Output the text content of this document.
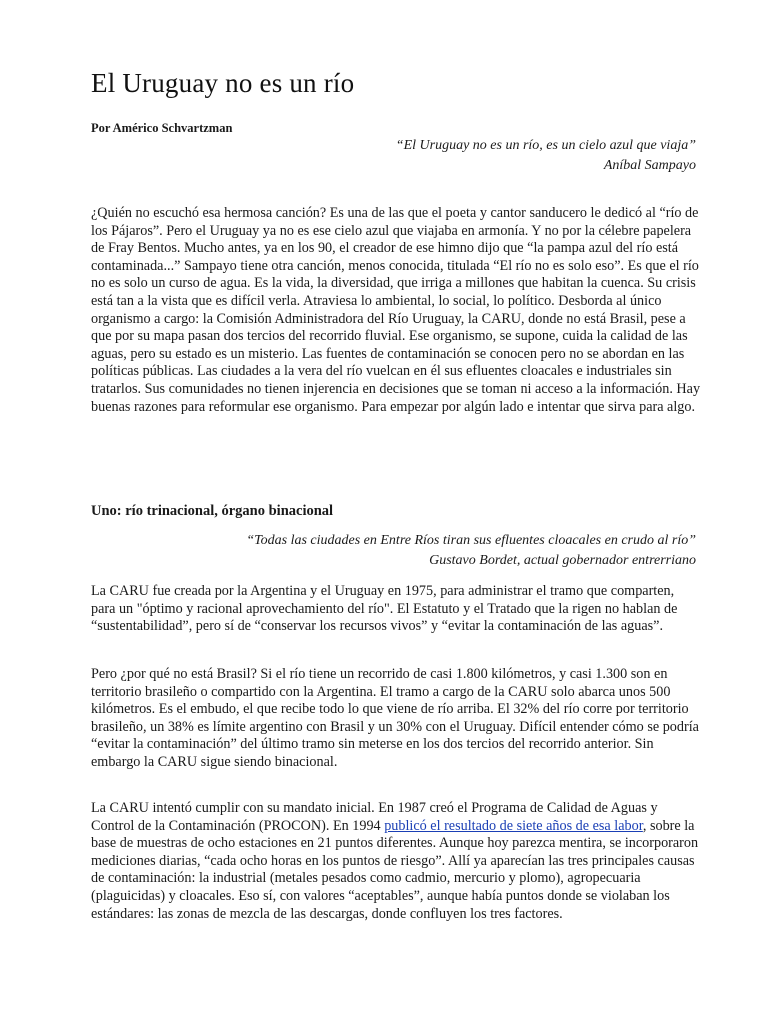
El Uruguay no es un río
Por Américo Schvartzman
“El Uruguay no es un río, es un cielo azul que viaja”
Aníbal Sampayo

¿Quién no escuchó esa hermosa canción? Es una de las que el poeta y cantor sanducero le dedicó al “río de los Pájaros”. Pero el Uruguay ya no es ese cielo azul que viajaba en armonía. Y no por la célebre papelera de Fray Bentos. Mucho antes, ya en los 90, el creador de ese himno dijo que “la pampa azul del río está contaminada...” Sampayo tiene otra canción, menos conocida, titulada “El río no es solo eso”. Es que el río no es solo un curso de agua. Es la vida, la diversidad, que irriga a millones que habitan la cuenca. Su crisis está tan a la vista que es difícil verla. Atraviesa lo ambiental, lo social, lo político. Desborda al único organismo a cargo: la Comisión Administradora del Río Uruguay, la CARU, donde no está Brasil, pese a que por su mapa pasan dos tercios del recorrido fluvial. Ese organismo, se supone, cuida la calidad de las aguas, pero su estado es un misterio. Las fuentes de contaminación se conocen pero no se abordan en las políticas públicas. Las ciudades a la vera del río vuelcan en él sus efluentes cloacales e industriales sin tratarlos. Sus comunidades no tienen injerencia en decisiones que se toman ni acceso a la información. Hay buenas razones para reformular ese organismo. Para empezar por algún lado e intentar que sirva para algo.

Uno: río trinacional, órgano binacional
“Todas las ciudades en Entre Ríos tiran sus efluentes cloacales en crudo al río”
Gustavo Bordet, actual gobernador entrerriano

La CARU fue creada por la Argentina y el Uruguay en 1975, para administrar el tramo que comparten, para un "óptimo y racional aprovechamiento del río". El Estatuto y el Tratado que la rigen no hablan de “sustentabilidad”, pero sí de “conservar los recursos vivos” y “evitar la contaminación de las aguas”.

Pero ¿por qué no está Brasil? Si el río tiene un recorrido de casi 1.800 kilómetros, y casi 1.300 son en territorio brasileño o compartido con la Argentina. El tramo a cargo de la CARU solo abarca unos 500 kilómetros. Es el embudo, el que recibe todo lo que viene de río arriba. El 32% del río corre por territorio brasileño, un 38% es límite argentino con Brasil y un 30% con el Uruguay. Difícil entender cómo se podría “evitar la contaminación” del último tramo sin meterse en los dos tercios del recorrido anterior. Sin embargo la CARU sigue siendo binacional.

La CARU intentó cumplir con su mandato inicial. En 1987 creó el Programa de Calidad de Aguas y Control de la Contaminación (PROCON). En 1994 publicó el resultado de siete años de esa labor, sobre la base de muestras de ocho estaciones en 21 puntos diferentes. Aunque hoy parezca mentira, se incorporaron mediciones diarias, “cada ocho horas en los puntos de riesgo”. Allí ya aparecían las tres principales causas de contaminación: la industrial (metales pesados como cadmio, mercurio y plomo), agropecuaria (plaguicidas) y cloacales. Eso sí, con valores “aceptables”, aunque había puntos donde se violaban los estándares: las zonas de mezcla de las descargas, donde confluyen los tres factores.
